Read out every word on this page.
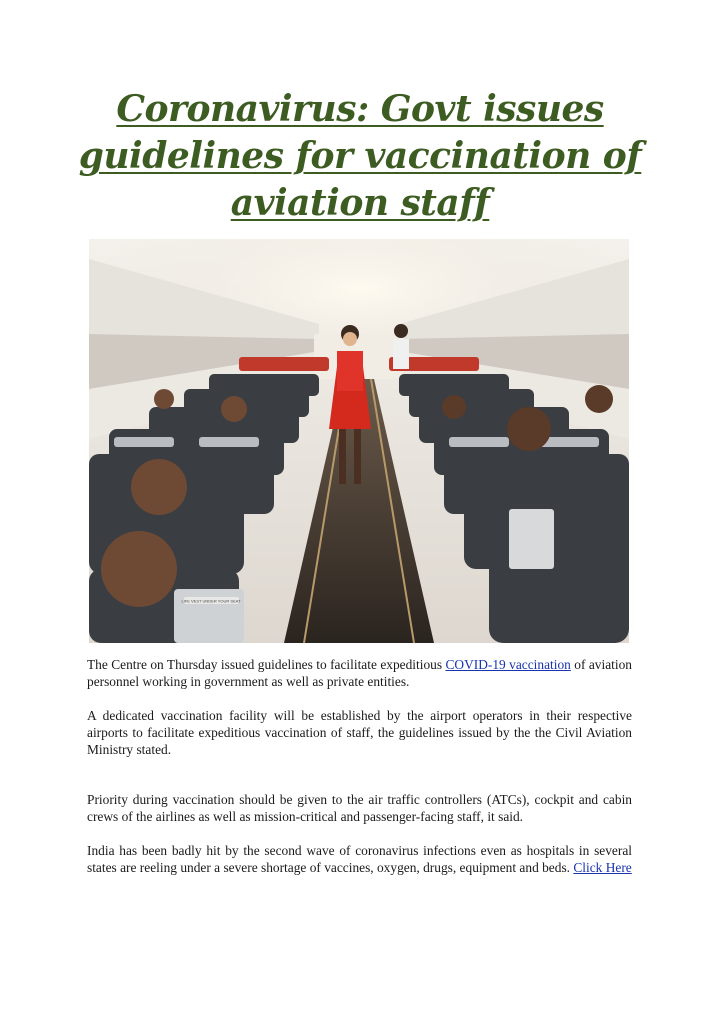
Coronavirus: Govt issues guidelines for vaccination of aviation staff
LIFE VEST UNDER YOUR SEAT

The Centre on Thursday issued guidelines to facilitate expeditious COVID-19 vaccination of aviation personnel working in government as well as private entities.

A dedicated vaccination facility will be established by the airport operators in their respective airports to facilitate expeditious vaccination of staff, the guidelines issued by the the Civil Aviation Ministry stated.

Priority during vaccination should be given to the air traffic controllers (ATCs), cockpit and cabin crews of the airlines as well as mission-critical and passenger-facing staff, it said.

India has been badly hit by the second wave of coronavirus infections even as hospitals in several states are reeling under a severe shortage of vaccines, oxygen, drugs, equipment and beds. Click Here
